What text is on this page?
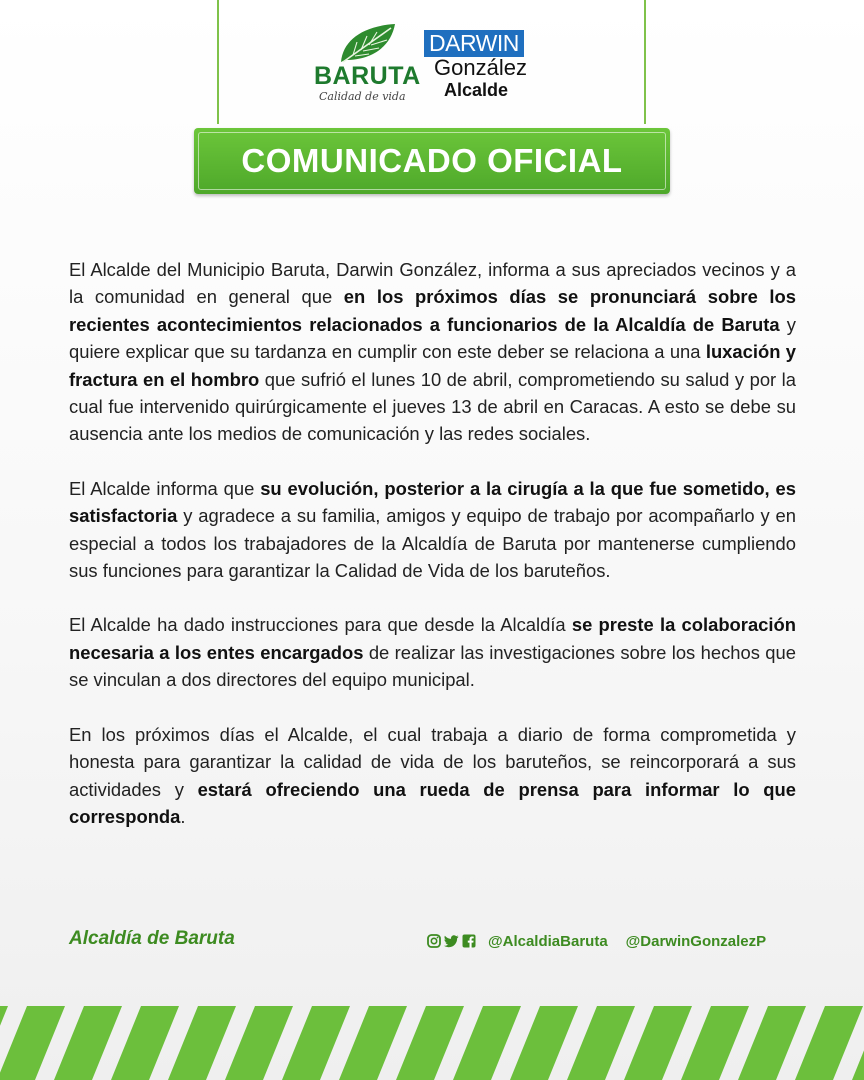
BARUTA
Calidad de vida
DARWIN
González
Alcalde
COMUNICADO OFICIAL

El Alcalde del Municipio Baruta, Darwin González, informa a sus apreciados vecinos y a la comunidad en general que en los próximos días se pronunciará sobre los recientes acontecimientos relacionados a funcionarios de la Alcaldía de Baruta y quiere explicar que su tardanza en cumplir con este deber se relaciona a una luxación y fractura en el hombro que sufrió el lunes 10 de abril, comprometiendo su salud y por la cual fue intervenido quirúrgicamente el jueves 13 de abril en Caracas. A esto se debe su ausencia ante los medios de comunicación y las redes sociales.

El Alcalde informa que su evolución, posterior a la cirugía a la que fue sometido, es satisfactoria y agradece a su familia, amigos y equipo de trabajo por acompañarlo y en especial a todos los trabajadores de la Alcaldía de Baruta por mantenerse cumpliendo sus funciones para garantizar la Calidad de Vida de los baruteños.

El Alcalde ha dado instrucciones para que desde la Alcaldía se preste la colaboración necesaria a los entes encargados de realizar las investigaciones sobre los hechos que se vinculan a dos directores del equipo municipal.

En los próximos días el Alcalde, el cual trabaja a diario de forma comprometida y honesta para garantizar la calidad de vida de los baruteños, se reincorporará a sus actividades y estará ofreciendo una rueda de prensa para informar lo que corresponda.

Alcaldía de Baruta	@AlcaldiaBaruta @DarwinGonzalezP
